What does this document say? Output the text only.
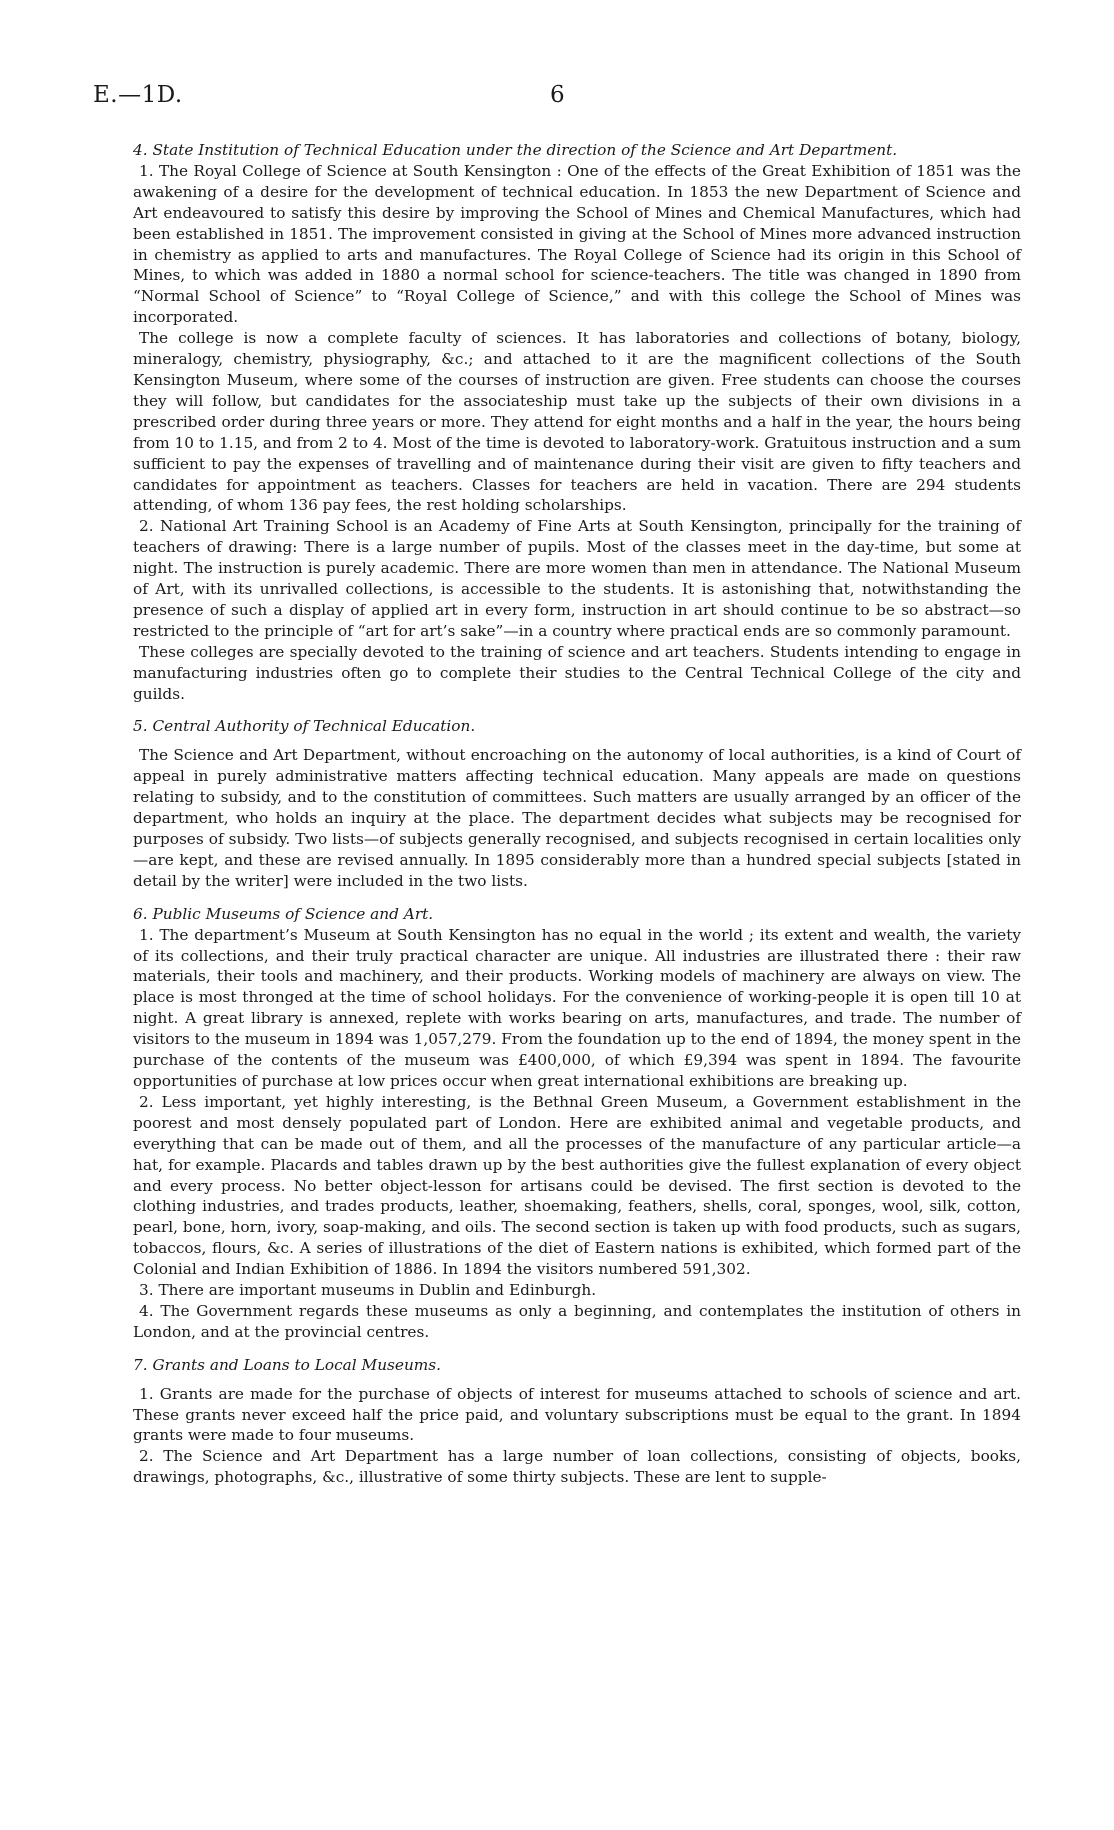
E.—1D.	6

4. State Institution of Technical Education under the direction of the Science and Art Department.

1. The Royal College of Science at South Kensington : One of the effects of the Great Exhibition of 1851 was the awakening of a desire for the development of technical education. In 1853 the new Department of Science and Art endeavoured to satisfy this desire by improving the School of Mines and Chemical Manufactures, which had been established in 1851. The improvement consisted in giving at the School of Mines more advanced instruction in chemistry as applied to arts and manufactures. The Royal College of Science had its origin in this School of Mines, to which was added in 1880 a normal school for science-teachers. The title was changed in 1890 from “Normal School of Science” to “Royal College of Science,” and with this college the School of Mines was incorporated.

The college is now a complete faculty of sciences. It has laboratories and collections of botany, biology, mineralogy, chemistry, physiography, &c.; and attached to it are the magnificent collections of the South Kensington Museum, where some of the courses of instruction are given. Free students can choose the courses they will follow, but candidates for the associateship must take up the subjects of their own divisions in a prescribed order during three years or more. They attend for eight months and a half in the year, the hours being from 10 to 1.15, and from 2 to 4. Most of the time is devoted to laboratory-work. Gratuitous instruction and a sum sufficient to pay the expenses of travelling and of maintenance during their visit are given to fifty teachers and candidates for appointment as teachers. Classes for teachers are held in vacation. There are 294 students attending, of whom 136 pay fees, the rest holding scholarships.

2. National Art Training School is an Academy of Fine Arts at South Kensington, principally for the training of teachers of drawing: There is a large number of pupils. Most of the classes meet in the day-time, but some at night. The instruction is purely academic. There are more women than men in attendance. The National Museum of Art, with its unrivalled collections, is accessible to the students. It is astonishing that, notwithstanding the presence of such a display of applied art in every form, instruction in art should continue to be so abstract—so restricted to the principle of “art for art’s sake”—in a country where practical ends are so commonly paramount.

These colleges are specially devoted to the training of science and art teachers. Students intending to engage in manufacturing industries often go to complete their studies to the Central Technical College of the city and guilds.

5. Central Authority of Technical Education.

The Science and Art Department, without encroaching on the autonomy of local authorities, is a kind of Court of appeal in purely administrative matters affecting technical education. Many appeals are made on questions relating to subsidy, and to the constitution of committees. Such matters are usually arranged by an officer of the department, who holds an inquiry at the place. The department decides what subjects may be recognised for purposes of subsidy. Two lists—of subjects generally recognised, and subjects recognised in certain localities only—are kept, and these are revised annually. In 1895 considerably more than a hundred special subjects [stated in detail by the writer] were included in the two lists.

6. Public Museums of Science and Art.

1. The department’s Museum at South Kensington has no equal in the world ; its extent and wealth, the variety of its collections, and their truly practical character are unique. All industries are illustrated there : their raw materials, their tools and machinery, and their products. Working models of machinery are always on view. The place is most thronged at the time of school holidays. For the convenience of working-people it is open till 10 at night. A great library is annexed, replete with works bearing on arts, manufactures, and trade. The number of visitors to the museum in 1894 was 1,057,279. From the foundation up to the end of 1894, the money spent in the purchase of the contents of the museum was £400,000, of which £9,394 was spent in 1894. The favourite opportunities of purchase at low prices occur when great international exhibitions are breaking up.

2. Less important, yet highly interesting, is the Bethnal Green Museum, a Government establishment in the poorest and most densely populated part of London. Here are exhibited animal and vegetable products, and everything that can be made out of them, and all the processes of the manufacture of any particular article—a hat, for example. Placards and tables drawn up by the best authorities give the fullest explanation of every object and every process. No better object-lesson for artisans could be devised. The first section is devoted to the clothing industries, and trades products, leather, shoemaking, feathers, shells, coral, sponges, wool, silk, cotton, pearl, bone, horn, ivory, soap-making, and oils. The second section is taken up with food products, such as sugars, tobaccos, flours, &c. A series of illustrations of the diet of Eastern nations is exhibited, which formed part of the Colonial and Indian Exhibition of 1886. In 1894 the visitors numbered 591,302.

3. There are important museums in Dublin and Edinburgh.

4. The Government regards these museums as only a beginning, and contemplates the institution of others in London, and at the provincial centres.

7. Grants and Loans to Local Museums.

1. Grants are made for the purchase of objects of interest for museums attached to schools of science and art. These grants never exceed half the price paid, and voluntary subscriptions must be equal to the grant. In 1894 grants were made to four museums.

2. The Science and Art Department has a large number of loan collections, consisting of objects, books, drawings, photographs, &c., illustrative of some thirty subjects. These are lent to supple-
